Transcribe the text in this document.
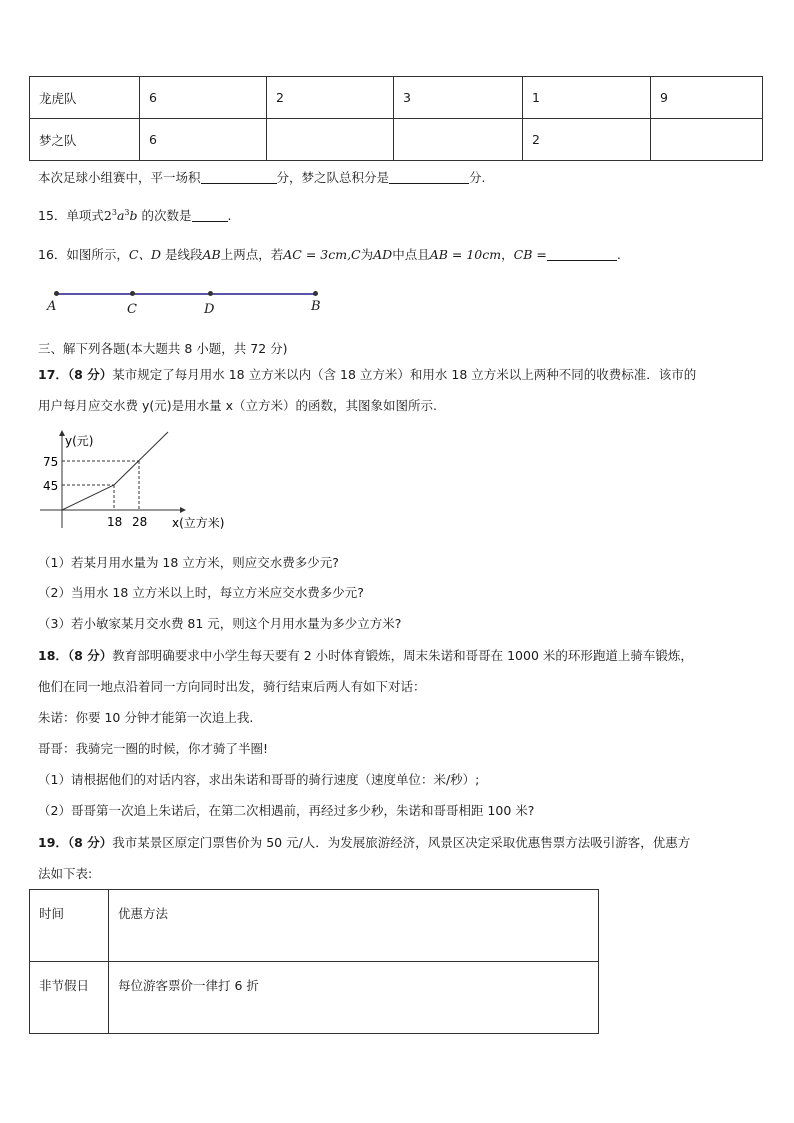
龙虎队	6	2	3	1	9
梦之队	6			2	
本次足球小组赛中，平一场积	分，梦之队总积分是	分.
15．单项式$2^3a^3b$ 的次数是	.
16．如图所示，C、D 是线段AB上两点，若AC = 3cm,C为AD中点且AB = 10cm，CB =	.
A	C	D	B
三、解下列各题(本大题共 8 小题，共 72 分)
17．（8 分）某市规定了每月用水 18 立方米以内（含 18 立方米）和用水 18 立方米以上两种不同的收费标准．该市的
用户每月应交水费 y(元)是用水量 x（立方米）的函数，其图象如图所示.
y(元)
75
45
18 28 x(立方米)
（1）若某月用水量为 18 立方米，则应交水费多少元?
（2）当用水 18 立方米以上时，每立方米应交水费多少元?
（3）若小敏家某月交水费 81 元，则这个月用水量为多少立方米?
18．（8 分）教育部明确要求中小学生每天要有 2 小时体育锻炼，周末朱诺和哥哥在 1000 米的环形跑道上骑车锻炼，
他们在同一地点沿着同一方向同时出发，骑行结束后两人有如下对话：
朱诺：你要 10 分钟才能第一次追上我.
哥哥：我骑完一圈的时候，你才骑了半圈!
（1）请根据他们的对话内容，求出朱诺和哥哥的骑行速度（速度单位：米/秒）;
（2）哥哥第一次追上朱诺后，在第二次相遇前，再经过多少秒，朱诺和哥哥相距 100 米?
19．（8 分）我市某景区原定门票售价为 50 元/人．为发展旅游经济，风景区决定采取优惠售票方法吸引游客，优惠方
法如下表:
时间	优惠方法
非节假日	每位游客票价一律打 6 折
